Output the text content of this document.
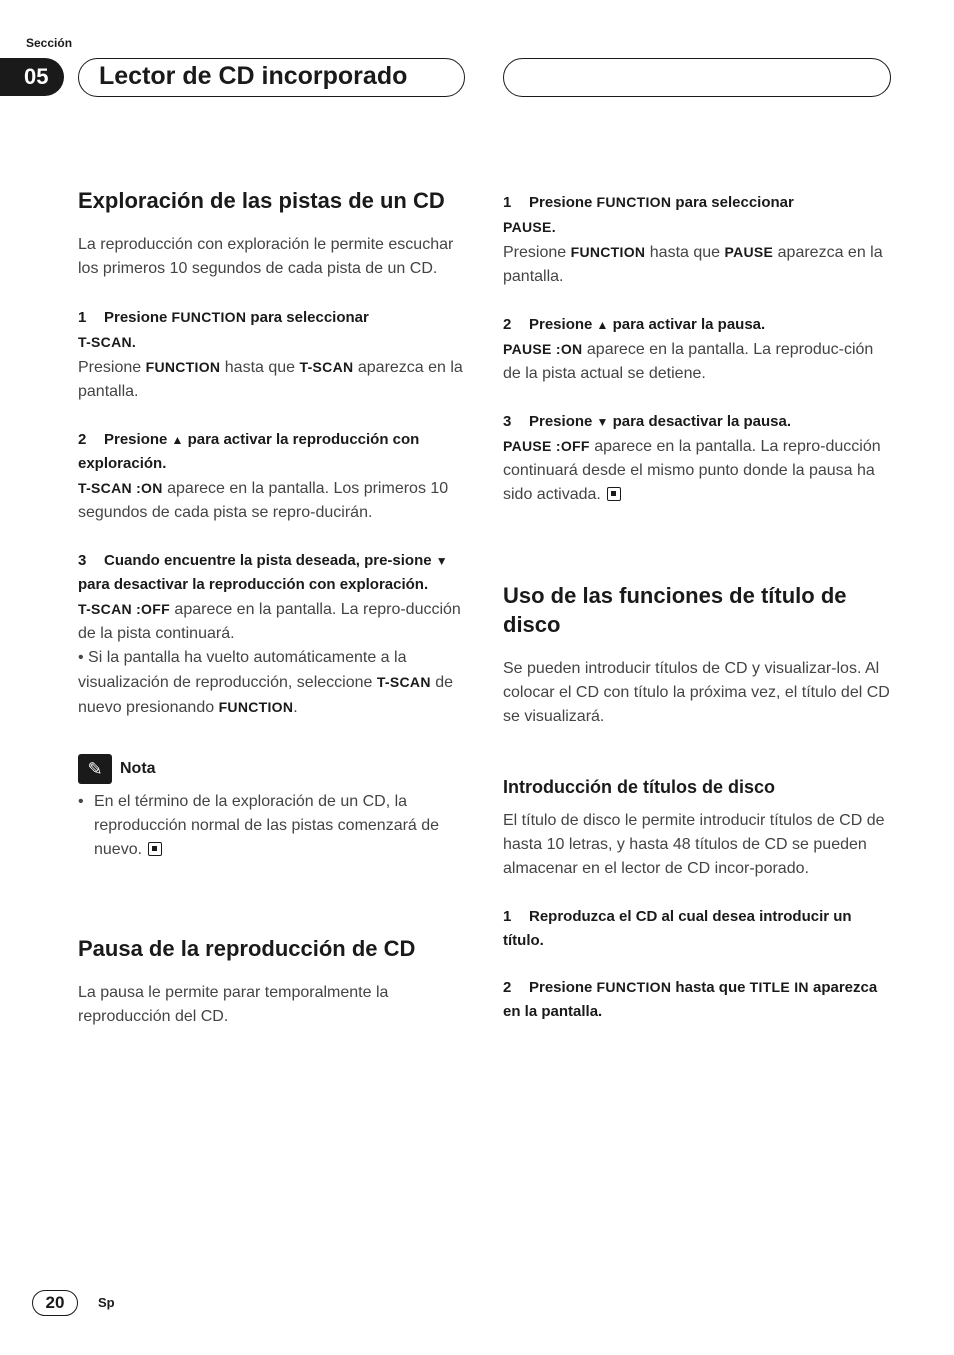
Sección
05	Lector de CD incorporado
Exploración de las pistas de un CD

La reproducción con exploración le permite escuchar los primeros 10 segundos de cada pista de un CD.

1 Presione FUNCTION para seleccionar
T-SCAN.

Presione FUNCTION hasta que T-SCAN aparezca en la pantalla.

2 Presione ▲ para activar la reproducción con exploración.

T-SCAN :ON aparece en la pantalla. Los primeros 10 segundos de cada pista se repro-ducirán.

3 Cuando encuentre la pista deseada, pre-sione ▼ para desactivar la reproducción con exploración.

T-SCAN :OFF aparece en la pantalla. La repro-ducción de la pista continuará.

• Si la pantalla ha vuelto automáticamente a la visualización de reproducción, seleccione T-SCAN de nuevo presionando FUNCTION.

✎	Nota
• En el término de la exploración de un CD, la reproducción normal de las pistas comenzará de nuevo.

Pausa de la reproducción de CD

La pausa le permite parar temporalmente la reproducción del CD.

1 Presione FUNCTION para seleccionar
PAUSE.

Presione FUNCTION hasta que PAUSE aparezca en la pantalla.

2 Presione ▲ para activar la pausa.

PAUSE :ON aparece en la pantalla. La reproduc-ción de la pista actual se detiene.

3 Presione ▼ para desactivar la pausa.

PAUSE :OFF aparece en la pantalla. La repro-ducción continuará desde el mismo punto donde la pausa ha sido activada.

Uso de las funciones de título de disco

Se pueden introducir títulos de CD y visualizar-los. Al colocar el CD con título la próxima vez, el título del CD se visualizará.

Introducción de títulos de disco

El título de disco le permite introducir títulos de CD de hasta 10 letras, y hasta 48 títulos de CD se pueden almacenar en el lector de CD incor-porado.

1 Reproduzca el CD al cual desea introducir un título.
2 Presione FUNCTION hasta que TITLE IN aparezca en la pantalla.
20	Sp
